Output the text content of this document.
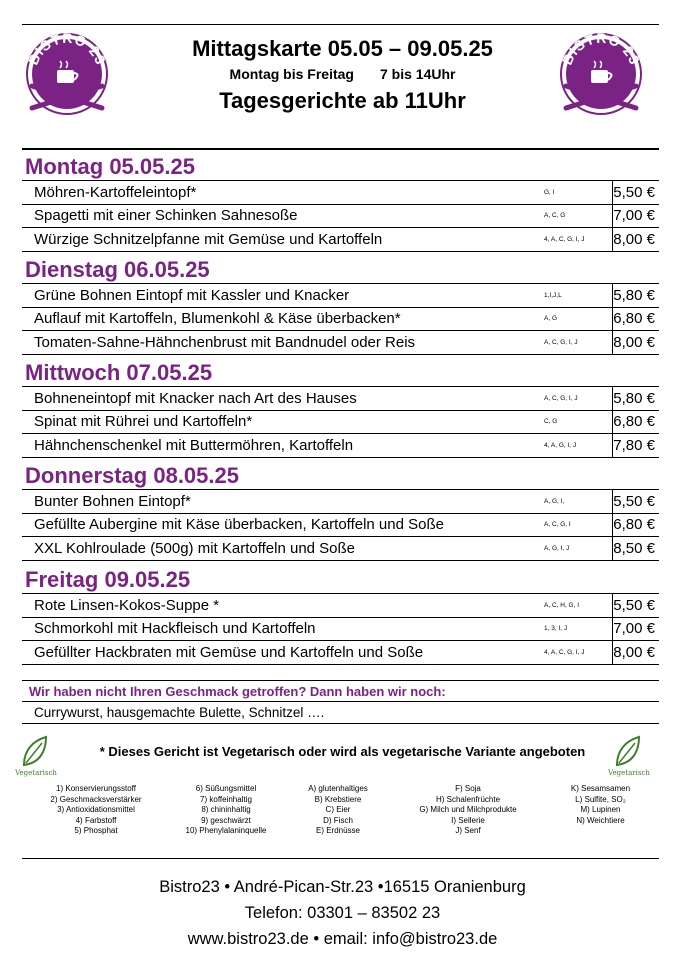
BISTRO 23	Mittagskarte 05.05 – 09.05.25
Montag bis Freitag 7 bis 14Uhr
Tagesgerichte ab 11Uhr
BISTRO 23
Montag 05.05.25
Möhren-Kartoffeleintopf*	G, I	5,50 €
Spagetti mit einer Schinken Sahnesoße	A, C, G	7,00 €
Würzige Schnitzelpfanne mit Gemüse und Kartoffeln	4, A, C, G, I, J	8,00 €
Dienstag 06.05.25
Grüne Bohnen Eintopf mit Kassler und Knacker	1,I,J,L	5,80 €
Auflauf mit Kartoffeln, Blumenkohl & Käse überbacken*	A, G	6,80 €
Tomaten-Sahne-Hähnchenbrust mit Bandnudel oder Reis	A, C, G, I, J	8,00 €
Mittwoch 07.05.25
Bohneneintopf mit Knacker nach Art des Hauses	A, C, G, I, J	5,80 €
Spinat mit Rührei und Kartoffeln*	C, G	6,80 €
Hähnchenschenkel mit Buttermöhren, Kartoffeln	4, A, G, I, J	7,80 €
Donnerstag 08.05.25
Bunter Bohnen Eintopf*	A, G, I,	5,50 €
Gefüllte Aubergine mit Käse überbacken, Kartoffeln und Soße	A, C, G, I	6,80 €
XXL Kohlroulade (500g) mit Kartoffeln und Soße	A, G, I, J	8,50 €
Freitag 09.05.25
Rote Linsen-Kokos-Suppe *	A, C, H, G, I	5,50 €
Schmorkohl mit Hackfleisch und Kartoffeln	1, 3, I, J	7,00 €
Gefüllter Hackbraten mit Gemüse und Kartoffeln und Soße	4, A, C, G, I, J	8,00 €
Wir haben nicht Ihren Geschmack getroffen? Dann haben wir noch:
Currywurst, hausgemachte Bulette, Schnitzel ….
Vegetarisch
* Dieses Gericht ist Vegetarisch oder wird als vegetarische Variante angeboten
Vegetarisch
1) Konservierungsstoff
2) Geschmacksverstärker
3) Antioxidationsmittel
4) Farbstoff
5) Phosphat
6) Süßungsmittel
7) koffeinhaltig
8) chininhaltig
9) geschwärzt
10) Phenylalaninquelle
A) glutenhaltiges
B) Krebstiere
C) Eier
D) Fisch
E) Erdnüsse
F) Soja
H) Schalenfrüchte
G) Milch und Milchprodukte
I) Sellerie
J) Senf
K) Sesamsamen
L) Sulfite, SO₂
M) Lupinen
N) Weichtiere
Bistro23 • André-Pican-Str.23 •16515 Oranienburg
Telefon: 03301 – 83502 23
www.bistro23.de • email: info@bistro23.de
